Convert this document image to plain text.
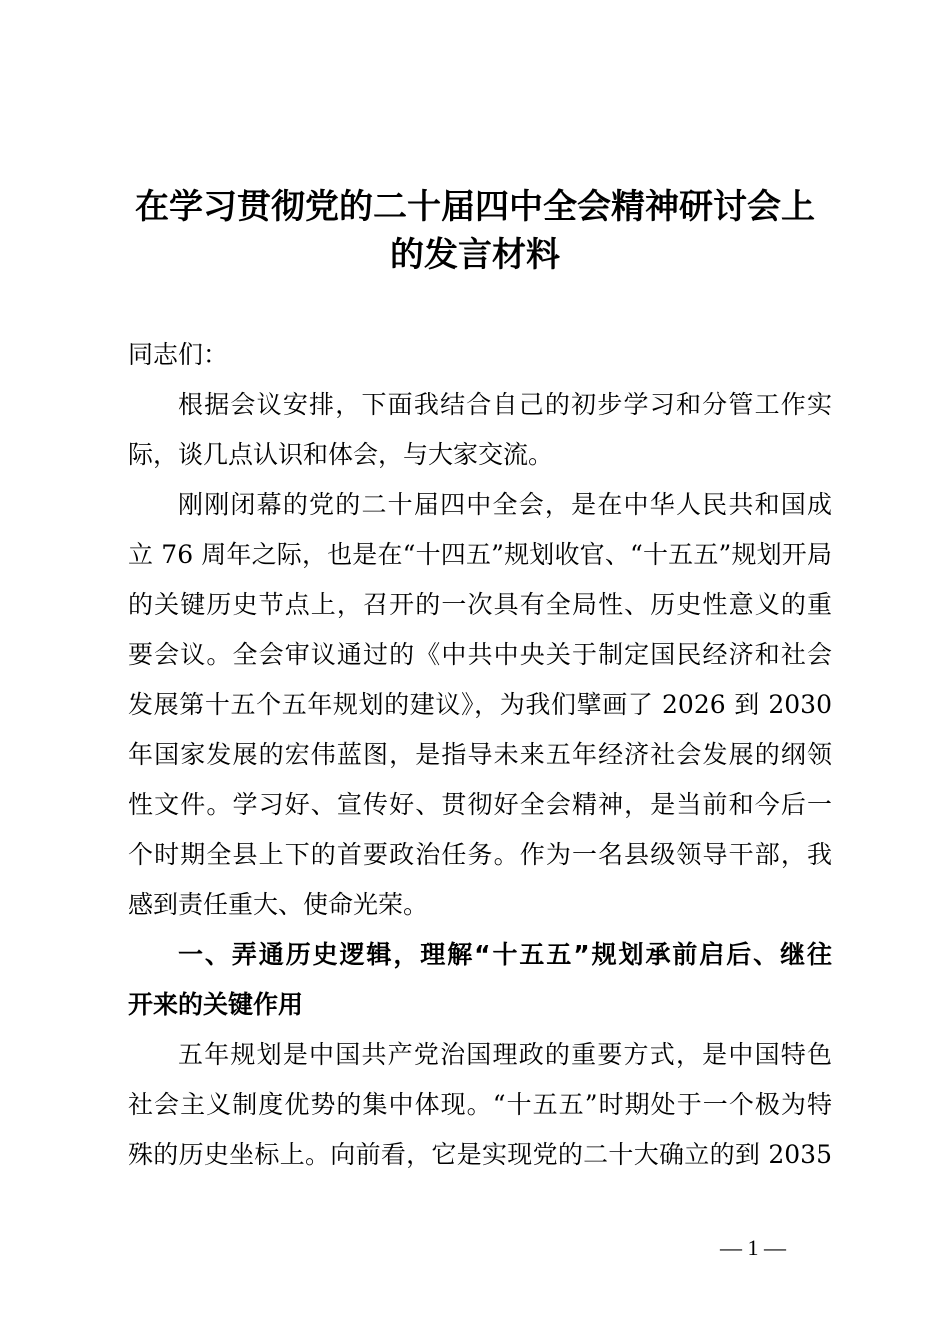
在学习贯彻党的二十届四中全会精神研讨会上
的发言材料
同志们：
根据会议安排，下面我结合自己的初步学习和分管工作实
际，谈几点认识和体会，与大家交流。
刚刚闭幕的党的二十届四中全会，是在中华人民共和国成
立 76 周年之际，也是在“十四五”规划收官、“十五五”规划开局
的关键历史节点上，召开的一次具有全局性、历史性意义的重
要会议。全会审议通过的《中共中央关于制定国民经济和社会
发展第十五个五年规划的建议》，为我们擘画了 2026 到 2030
年国家发展的宏伟蓝图，是指导未来五年经济社会发展的纲领
性文件。学习好、宣传好、贯彻好全会精神，是当前和今后一
个时期全县上下的首要政治任务。作为一名县级领导干部，我
感到责任重大、使命光荣。
一、弄通历史逻辑，理解“十五五”规划承前启后、继往
开来的关键作用
五年规划是中国共产党治国理政的重要方式，是中国特色
社会主义制度优势的集中体现。“十五五”时期处于一个极为特
殊的历史坐标上。向前看，它是实现党的二十大确立的到 2035
— 1 —
